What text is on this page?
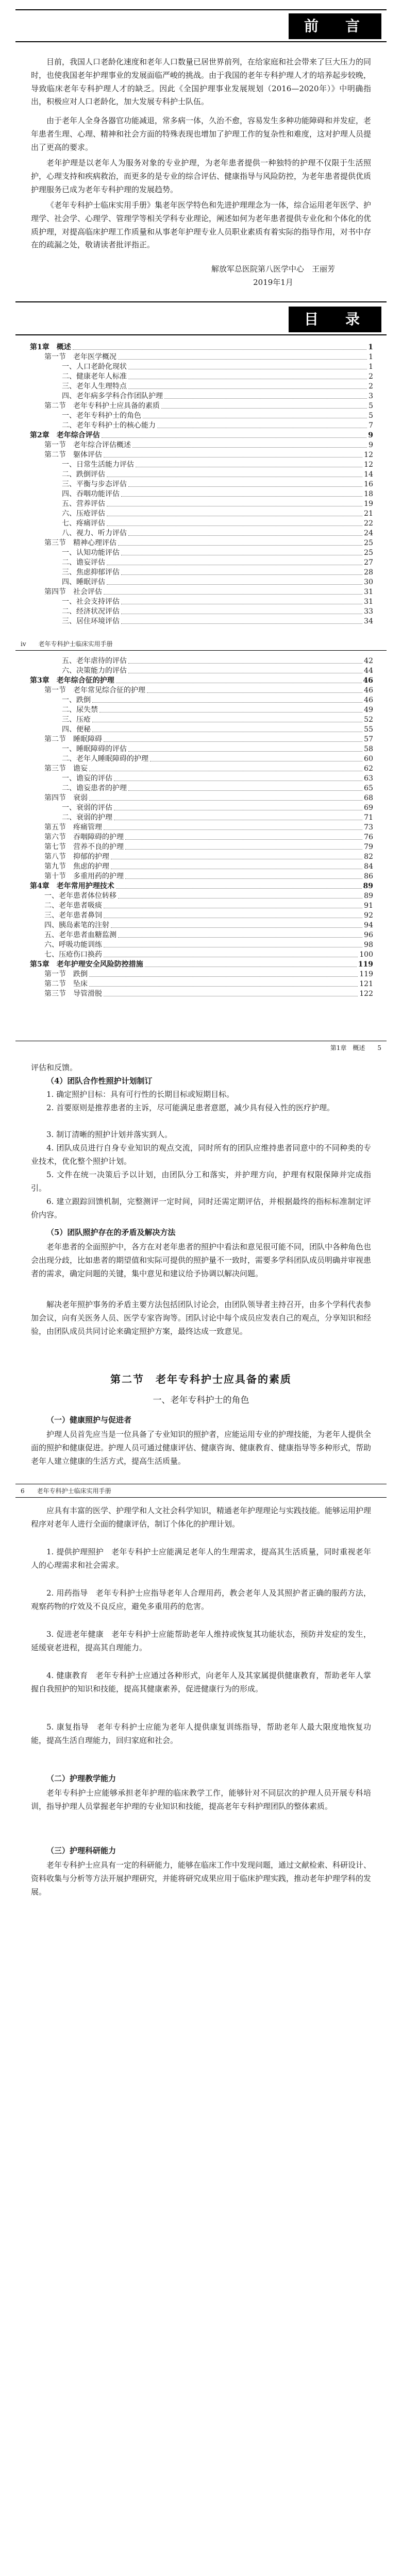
前　言
目前，我国人口老龄化速度和老年人口数量已居世界前列，在给家庭和社会带来了巨大压力的同时，也使我国老年护理事业的发展面临严峻的挑战。由于我国的老年专科护理人才的培养起步较晚，导致临床老年专科护理人才的缺乏。因此《全国护理事业发展规划（2016—2020年）》中明确指出，积极应对人口老龄化，加大发展专科护士队伍。
由于老年人全身各器官功能减退，常多病一体，久治不愈，容易发生多种功能障碍和并发症，老年患者生理、心理、精神和社会方面的特殊表现也增加了护理工作的复杂性和难度，这对护理人员提出了更高的要求。
老年护理是以老年人为服务对象的专业护理，为老年患者提供一种独特的护理不仅限于生活照护，心理支持和疾病救治，而更多的是专业的综合评估、健康指导与风险防控，为老年患者提供优质护理服务已成为老年专科护理的发展趋势。
《老年专科护士临床实用手册》集老年医学特色和先进护理理念为一体，综合运用老年医学、护理学、社会学、心理学、管理学等相关学科专业理论，阐述如何为老年患者提供专业化和个体化的优质护理，对提高临床护理工作质量和从事老年护理专业人员职业素质有着实际的指导作用，对书中存在的疏漏之处，敬请读者批评指正。
解放军总医院第八医学中心　王丽芳
2019年1月
目　录
第1章　概述	1
第一节　老年医学概况	1
一、人口老龄化现状	1
二、健康老年人标准	2
三、老年人生理特点	2
四、老年病多学科合作团队护理	3
第二节　老年专科护士应具备的素质	5
一、老年专科护士的角色	5
二、老年专科护士的核心能力	7
第2章　老年综合评估	9
第一节　老年综合评估概述	9
第二节　躯体评估	12
一、日常生活能力评估	12
二、跌倒评估	14
三、平衡与步态评估	16
四、吞咽功能评估	18
五、营养评估	19
六、压疮评估	21
七、疼痛评估	22
八、视力、听力评估	24
第三节　精神心理评估	25
一、认知功能评估	25
二、谵妄评估	27
三、焦虑抑郁评估	28
四、睡眠评估	30
第四节　社会评估	31
一、社会支持评估	31
二、经济状况评估	33
三、居住环境评估	34
iv　　老年专科护士临床实用手册
五、老年虐待的评估	42
六、决策能力的评估	44
第3章　老年综合征的护理	46
第一节　老年常见综合征的护理	46
一、跌倒	46
二、尿失禁	49
三、压疮	52
四、便秘	55
第二节　睡眠障碍	57
一、睡眠障碍的评估	58
二、老年人睡眠障碍的护理	60
第三节　谵妄	62
一、谵妄的评估	63
二、谵妄患者的护理	65
第四节　衰弱	68
一、衰弱的评估	69
二、衰弱的护理	71
第五节　疼痛管理	73
第六节　吞咽障碍的护理	76
第七节　营养不良的护理	79
第八节　抑郁的护理	82
第九节　焦虑的护理	84
第十节　多重用药的护理	86
第4章　老年常用护理技术	89
一、老年患者体位转移	89
二、老年患者吸痰	91
三、老年患者鼻饲	92
四、胰岛素笔的注射	94
五、老年患者血糖监测	96
六、呼吸功能训练	98
七、压疮伤口换药	100
第5章　老年护理安全风险防控措施	119
第一节　跌倒	119
第二节　坠床	121
第三节　导管滑脱	122
第1章　概述　　5
评估和反馈。
（4）团队合作性照护计划制订
1. 确定照护目标：具有可行性的长期目标或短期目标。
2. 首要原则是推荐患者的主诉，尽可能满足患者意愿，减少具有侵入性的医疗护理。
3. 制订清晰的照护计划并落实到人。
4. 团队成员进行自身专业知识的观点交流，同时所有的团队应维持患者同意中的不同种类的专业技术，优化整个照护计划。
5. 文件在统一决策后予以计划，由团队分工和落实，并护理方向，护理有权限保障并完成指引。
6. 建立跟踪回馈机制，完整测评一定时间，同时还需定期评估，并根据最终的指标标准制定评价内容。
（5）团队照护存在的矛盾及解决方法
老年患者的全面照护中，各方在对老年患者的照护中看法和意见很可能不同，团队中各种角色也会出现分歧，比如患者的期望值和实际可提供的照护量不一致时，需要多学科团队成员明确并审视患者的需求，确定问题的关键，集中意见和建议给予协调以解决问题。
解决老年照护事务的矛盾主要方法包括团队讨论会，由团队领导者主持召开，由多个学科代表参加会议，向有关医务人员、医学专家咨询等。团队讨论中每个成员应发表自己的观点，分享知识和经验，由团队成员共同讨论来确定照护方案，最终达成一致意见。
第二节　老年专科护士应具备的素质
一、老年专科护士的角色
（一）健康照护与促进者
护理人员首先应当是一位具备了专业知识的照护者，应能运用专业的护理技能，为老年人提供全面的照护和健康促进。护理人员可通过健康评估、健康咨询、健康教育、健康指导等多种形式，帮助老年人建立健康的生活方式，提高生活质量。
6　　老年专科护士临床实用手册
应具有丰富的医学、护理学和人文社会科学知识，精通老年护理理论与实践技能。能够运用护理程序对老年人进行全面的健康评估，制订个体化的护理计划。
1. 提供护理照护　老年专科护士应能满足老年人的生理需求，提高其生活质量，同时重视老年人的心理需求和社会需求。
2. 用药指导　老年专科护士应指导老年人合理用药，教会老年人及其照护者正确的服药方法，观察药物的疗效及不良反应，避免多重用药的危害。
3. 促进老年健康　老年专科护士应能帮助老年人维持或恢复其功能状态，预防并发症的发生，延缓衰老进程，提高其自理能力。
4. 健康教育　老年专科护士应通过各种形式，向老年人及其家属提供健康教育，帮助老年人掌握自我照护的知识和技能，提高其健康素养，促进健康行为的形成。
5. 康复指导　老年专科护士应能为老年人提供康复训练指导，帮助老年人最大限度地恢复功能，提高生活自理能力，回归家庭和社会。
（二）护理教学能力
老年专科护士应能够承担老年护理的临床教学工作，能够针对不同层次的护理人员开展专科培训，指导护理人员掌握老年护理的专业知识和技能，提高老年专科护理团队的整体素质。
（三）护理科研能力
老年专科护士应具有一定的科研能力，能够在临床工作中发现问题，通过文献检索、科研设计、资料收集与分析等方法开展护理研究，并能将研究成果应用于临床护理实践，推动老年护理学科的发展。
